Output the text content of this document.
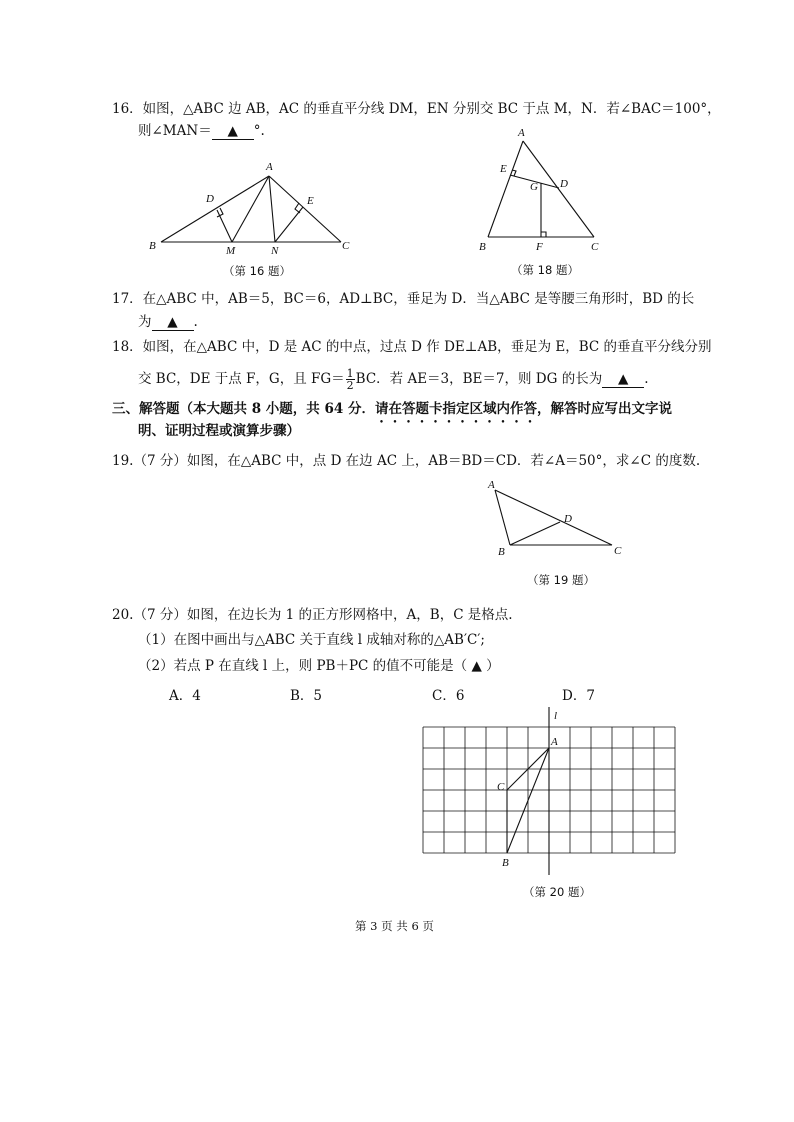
16．如图，△ABC 边 AB，AC 的垂直平分线 DM，EN 分别交 BC 于点 M，N．若∠BAC＝100°，
则∠MAN＝ ▲ °.
A
B	C
D	E
M	N
（第 16 题）
A
B	C
D
E
F
G
（第 18 题）
17．在△ABC 中，AB＝5，BC＝6，AD⊥BC，垂足为 D．当△ABC 是等腰三角形时，BD 的长
为 ▲ .
18．如图，在△ABC 中，D 是 AC 的中点，过点 D 作 DE⊥AB，垂足为 E，BC 的垂直平分线分别
交 BC，DE 于点 F，G，且 $FG= \frac{1}{2}$ BC．若 AE＝3，BE＝7，则 DG 的长为 ▲ .
三、解答题（本大题共 8 小题，共 64 分．请在答题卡指定区域内作答，解答时应写出文字说
明、证明过程或演算步骤）
19.（7 分）如图，在△ABC 中，点 D 在边 AC 上，AB＝BD＝CD．若∠A＝50°，求∠C 的度数.
A
B	C
D
（第 19 题）
20.（7 分）如图，在边长为 1 的正方形网格中，A，B，C 是格点.
（1）在图中画出与△ABC 关于直线 l 成轴对称的△AB′C′;
（2）若点 P 在直线 l 上，则 PB＋PC 的值不可能是（ ▲ ）
A．4	B．5	C．6	D．7
l
A
C
B
（第 20 题）
第 3 页 共 6 页
